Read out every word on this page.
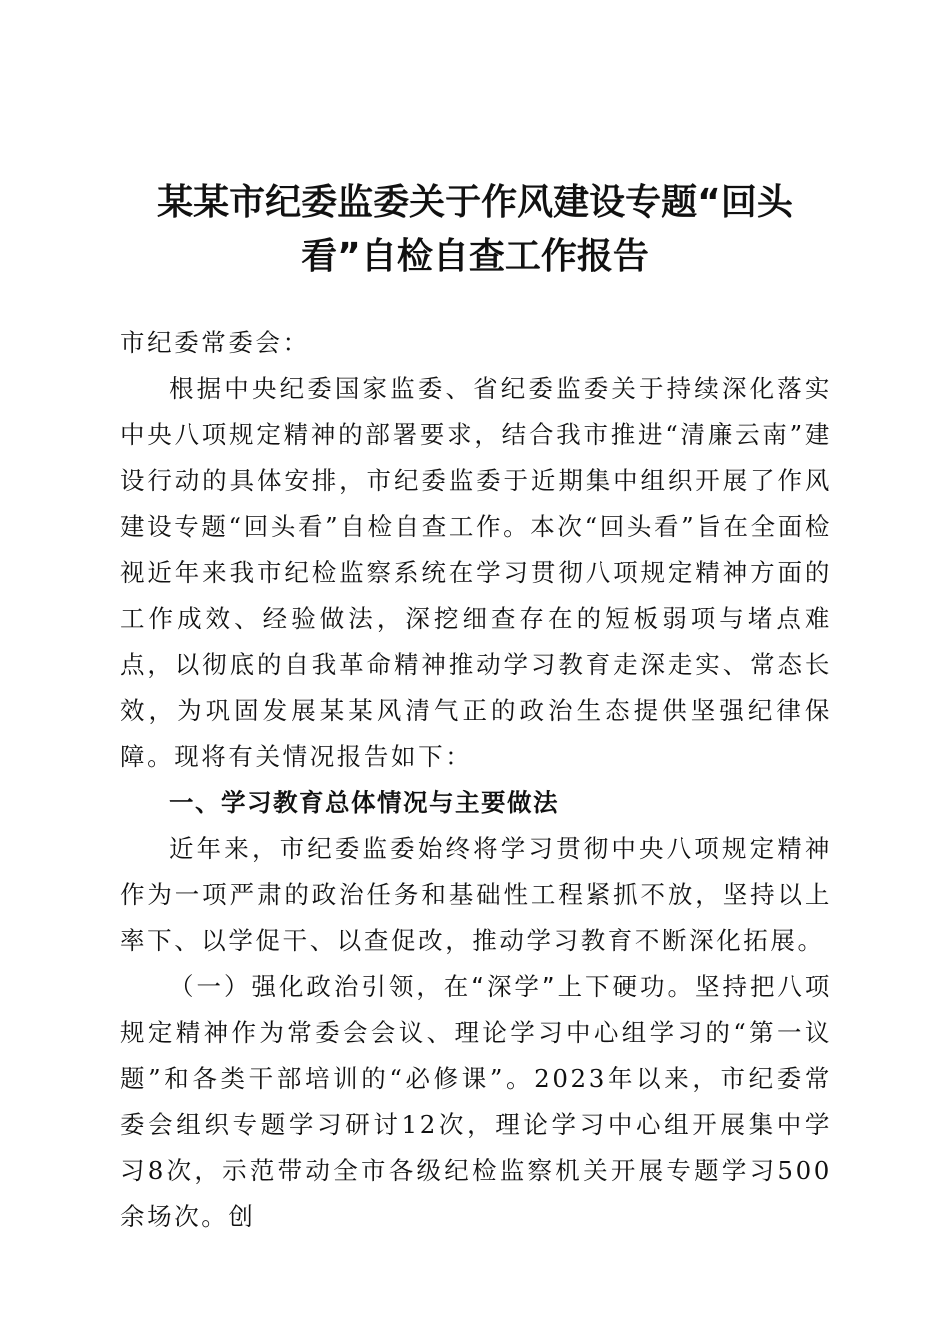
某某市纪委监委关于作风建设专题“回头
看”自检自查工作报告

市纪委常委会：

根据中央纪委国家监委、省纪委监委关于持续深化落实中央八项规定精神的部署要求，结合我市推进“清廉云南”建设行动的具体安排，市纪委监委于近期集中组织开展了作风建设专题“回头看”自检自查工作。本次“回头看”旨在全面检视近年来我市纪检监察系统在学习贯彻八项规定精神方面的工作成效、经验做法，深挖细查存在的短板弱项与堵点难点，以彻底的自我革命精神推动学习教育走深走实、常态长效，为巩固发展某某风清气正的政治生态提供坚强纪律保障。现将有关情况报告如下：

一、学习教育总体情况与主要做法

近年来，市纪委监委始终将学习贯彻中央八项规定精神作为一项严肃的政治任务和基础性工程紧抓不放，坚持以上率下、以学促干、以查促改，推动学习教育不断深化拓展。

（一）强化政治引领，在“深学”上下硬功。坚持把八项规定精神作为常委会会议、理论学习中心组学习的“第一议题”和各类干部培训的“必修课”。2023年以来，市纪委常委会组织专题学习研讨12次，理论学习中心组开展集中学习8次，示范带动全市各级纪检监察机关开展专题学习500余场次。创
